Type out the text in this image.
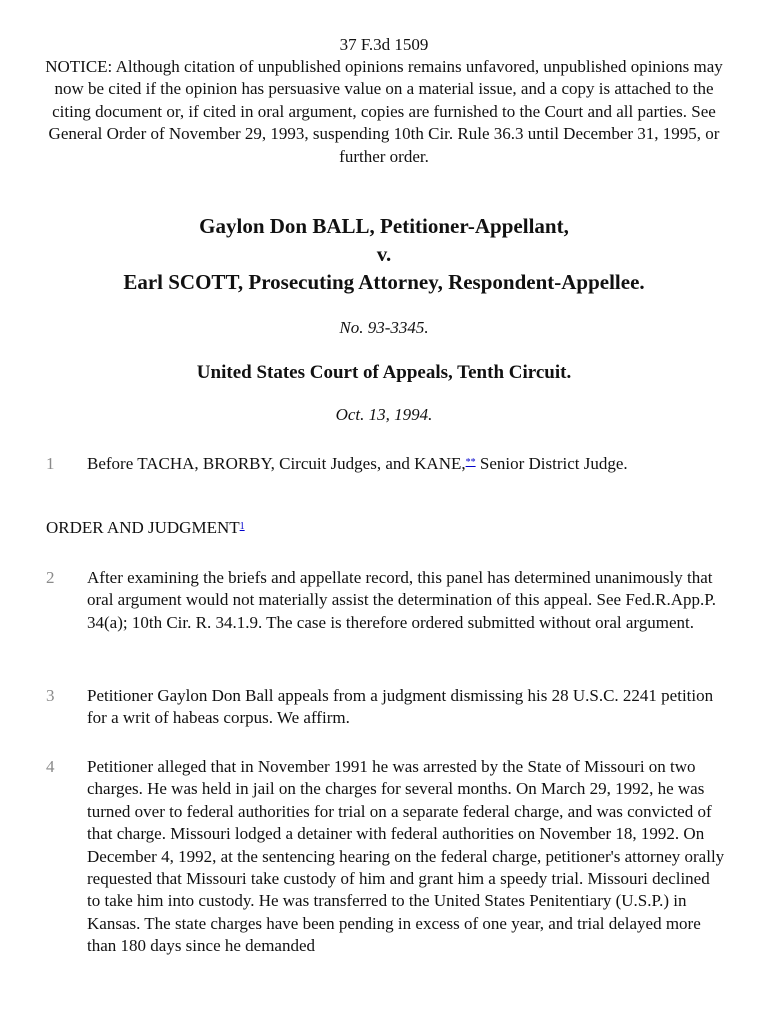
37 F.3d 1509
NOTICE: Although citation of unpublished opinions remains unfavored, unpublished opinions may now be cited if the opinion has persuasive value on a material issue, and a copy is attached to the citing document or, if cited in oral argument, copies are furnished to the Court and all parties. See General Order of November 29, 1993, suspending 10th Cir. Rule 36.3 until December 31, 1995, or further order.
Gaylon Don BALL, Petitioner-Appellant,
v.
Earl SCOTT, Prosecuting Attorney, Respondent-Appellee.
No. 93-3345.
United States Court of Appeals, Tenth Circuit.
Oct. 13, 1994.
1	Before TACHA, BRORBY, Circuit Judges, and KANE,** Senior District Judge.
ORDER AND JUDGMENT$^1$
2	After examining the briefs and appellate record, this panel has determined unanimously that oral argument would not materially assist the determination of this appeal. See Fed.R.App.P. 34(a); 10th Cir. R. 34.1.9. The case is therefore ordered submitted without oral argument.
3	Petitioner Gaylon Don Ball appeals from a judgment dismissing his 28 U.S.C. 2241 petition for a writ of habeas corpus. We affirm.
4	Petitioner alleged that in November 1991 he was arrested by the State of Missouri on two charges. He was held in jail on the charges for several months. On March 29, 1992, he was turned over to federal authorities for trial on a separate federal charge, and was convicted of that charge. Missouri lodged a detainer with federal authorities on November 18, 1992. On December 4, 1992, at the sentencing hearing on the federal charge, petitioner's attorney orally requested that Missouri take custody of him and grant him a speedy trial. Missouri declined to take him into custody. He was transferred to the United States Penitentiary (U.S.P.) in Kansas. The state charges have been pending in excess of one year, and trial delayed more than 180 days since he demanded
